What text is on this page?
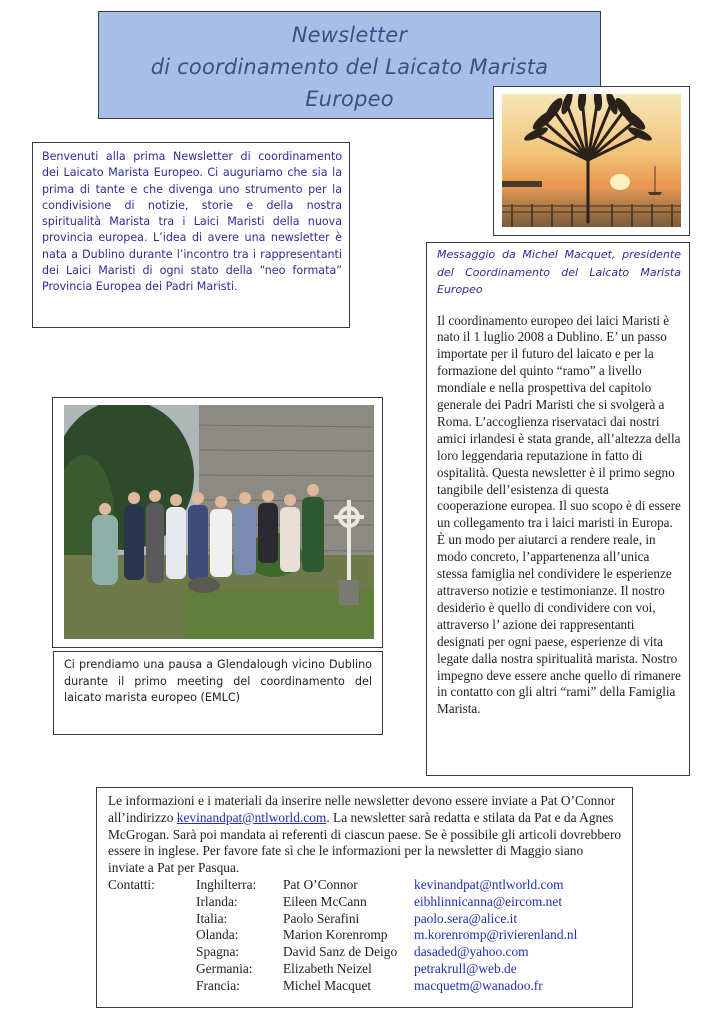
Newsletter
di coordinamento del Laicato Marista
Europeo
Benvenuti alla prima Newsletter di coordinamento dei Laicato Marista Europeo. Ci auguriamo che sia la prima di tante e che divenga uno strumento per la condivisione di notizie, storie e della nostra spiritualità Marista tra i Laici Maristi della nuova provincia europea. L’idea di avere una newsletter è nata a Dublino durante l’incontro tra i rappresentanti dei Laici Maristi di ogni stato della “neo formata” Provincia Europea dei Padri Maristi.
Messaggio da Michel Macquet, presidente del Coordinamento del Laicato Marista Europeo
Il coordinamento europeo dei laici Maristi è nato il 1 luglio 2008 a Dublino. E’ un passo importate per il futuro del laicato e per la formazione del quinto “ramo” a livello mondiale e nella prospettiva del capitolo generale dei Padri Maristi che si svolgerà a Roma. L’accoglienza riservataci dai nostri amici irlandesi è stata grande, all’altezza della loro leggendaria reputazione in fatto di ospitalità. Questa newsletter è il primo segno tangibile dell’esistenza di questa cooperazione europea. Il suo scopo è di essere un collegamento tra i laici maristi in Europa. È un modo per aiutarci a rendere reale, in modo concreto, l’appartenenza all’unica stessa famiglia nel condividere le esperienze attraverso notizie e testimonianze. Il nostro desiderio è quello di condividere con voi, attraverso l’ azione dei rappresentanti designati per ogni paese, esperienze di vita legate dalla nostra spiritualità marista. Nostro impegno deve essere anche quello di rimanere in contatto con gli altri “rami” della Famiglia Marista.
Ci prendiamo una pausa a Glendalough vicino Dublino durante il primo meeting del coordinamento del laicato marista europeo (EMLC)
Le informazioni e i materiali da inserire nelle newsletter devono essere inviate a Pat O’Connor all’indirizzo kevinandpat@ntlworld.com. La newsletter sarà redatta e stilata da Pat e da Agnes McGrogan. Sarà poi mandata ai referenti di ciascun paese. Se è possibile gli articoli dovrebbero essere in inglese. Per favore fate sì che le informazioni per la newsletter di Maggio siano inviate a Pat per Pasqua.
Contatti:	Inghilterra:	Pat O’Connor	kevinandpat@ntlworld.com
Irlanda:	Eileen McCann	eibhlinnicanna@eircom.net
Italia:	Paolo Serafini	paolo.sera@alice.it
Olanda:	Marion Korenromp	m.korenromp@rivierenland.nl
Spagna:	David Sanz de Deigo	dasaded@yahoo.com
Germania:	Elizabeth Neizel	petrakrull@web.de
Francia:	Michel Macquet	macquetm@wanadoo.fr
